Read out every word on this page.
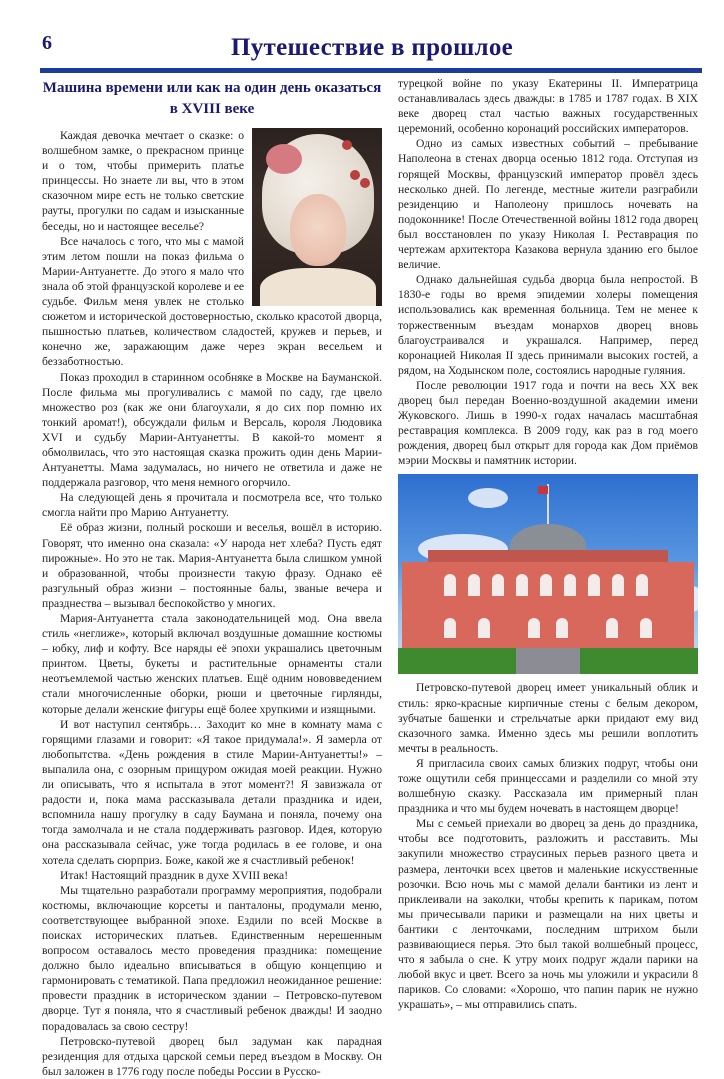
6	Путешествие в прошлое
Машина времени или как на один день оказаться в XVIII веке

Каждая девочка мечтает о сказке: о волшебном замке, о прекрасном принце и о том, чтобы примерить платье принцессы. Но знаете ли вы, что в этом сказочном мире есть не только светские рауты, прогулки по садам и изысканные беседы, но и настоящее веселье?

Все началось с того, что мы с мамой этим летом пошли на показ фильма о Марии-Антуанетте. До этого я мало что знала об этой французской королеве и ее судьбе. Фильм меня увлек не столько сюжетом и исторической достоверностью, сколько красотой дворца, пышностью платьев, количеством сладостей, кружев и перьев, и конечно же, заражающим даже через экран весельем и беззаботностью.

Показ проходил в старинном особняке в Москве на Бауманской. После фильма мы прогуливались с мамой по саду, где цвело множество роз (как же они благоухали, я до сих пор помню их тонкий аромат!), обсуждали фильм и Версаль, короля Людовика XVI и судьбу Марии-Антуанетты. В какой-то момент я обмолвилась, что это настоящая сказка прожить один день Марии-Антуанетты. Мама задумалась, но ничего не ответила и даже не поддержала разговор, что меня немного огорчило.

На следующей день я прочитала и посмотрела все, что только смогла найти про Марию Антуанетту.

Её образ жизни, полный роскоши и веселья, вошёл в историю. Говорят, что именно она сказала: «У народа нет хлеба? Пусть едят пирожные». Но это не так. Мария-Антуанетта была слишком умной и образованной, чтобы произнести такую фразу. Однако её разгульный образ жизни – постоянные балы, званые вечера и празднества – вызывал беспокойство у многих.

Мария-Антуанетта стала законодательницей мод. Она ввела стиль «неглиже», который включал воздушные домашние костюмы – юбку, лиф и кофту. Все наряды её эпохи украшались цветочным принтом. Цветы, букеты и растительные орнаменты стали неотъемлемой частью женских платьев. Ещё одним нововведением стали многочисленные оборки, рюши и цветочные гирлянды, которые делали женские фигуры ещё более хрупкими и изящными.

И вот наступил сентябрь… Заходит ко мне в комнату мама с горящими глазами и говорит: «Я такое придумала!». Я замерла от любопытства. «День рождения в стиле Марии-Антуанетты!» – выпалила она, с озорным прищуром ожидая моей реакции. Нужно ли описывать, что я испытала в этот момент?! Я завизжала от радости и, пока мама рассказывала детали праздника и идеи, вспомнила нашу прогулку в саду Баумана и поняла, почему она тогда замолчала и не стала поддерживать разговор. Идея, которую она рассказывала сейчас, уже тогда родилась в ее голове, и она хотела сделать сюрприз. Боже, какой же я счастливый ребенок!

Итак! Настоящий праздник в духе XVIII века!

Мы тщательно разработали программу мероприятия, подобрали костюмы, включающие корсеты и панталоны, продумали меню, соответствующее выбранной эпохе. Ездили по всей Москве в поисках исторических платьев. Единственным нерешенным вопросом оставалось место проведения праздника: помещение должно было идеально вписываться в общую концепцию и гармонировать с тематикой. Папа предложил неожиданное решение: провести праздник в историческом здании – Петровско-путевом дворце. Тут я поняла, что я счастливый ребенок дважды! И заодно порадовалась за свою сестру!

Петровско-путевой дворец был задуман как парадная резиденция для отдыха царской семьи перед въездом в Москву. Он был заложен в 1776 году после победы России в Русско-

турецкой войне по указу Екатерины II. Императрица останавливалась здесь дважды: в 1785 и 1787 годах. В XIX веке дворец стал частью важных государственных церемоний, особенно коронаций российских императоров.

Одно из самых известных событий – пребывание Наполеона в стенах дворца осенью 1812 года. Отступая из горящей Москвы, французский император провёл здесь несколько дней. По легенде, местные жители разграбили резиденцию и Наполеону пришлось ночевать на подоконнике! После Отечественной войны 1812 года дворец был восстановлен по указу Николая I. Реставрация по чертежам архитектора Казакова вернула зданию его былое величие.

Однако дальнейшая судьба дворца была непростой. В 1830-е годы во время эпидемии холеры помещения использовались как временная больница. Тем не менее к торжественным въездам монархов дворец вновь благоустраивался и украшался. Например, перед коронацией Николая II здесь принимали высоких гостей, а рядом, на Ходынском поле, состоялись народные гуляния.

После революции 1917 года и почти на весь XX век дворец был передан Военно-воздушной академии имени Жуковского. Лишь в 1990-х годах началась масштабная реставрация комплекса. В 2009 году, как раз в год моего рождения, дворец был открыт для города как Дом приёмов мэрии Москвы и памятник истории.

Петровско-путевой дворец имеет уникальный облик и стиль: ярко-красные кирпичные стены с белым декором, зубчатые башенки и стрельчатые арки придают ему вид сказочного замка. Именно здесь мы решили воплотить мечты в реальность.

Я пригласила своих самых близких подруг, чтобы они тоже ощутили себя принцессами и разделили со мной эту волшебную сказку. Рассказала им примерный план праздника и что мы будем ночевать в настоящем дворце!

Мы с семьей приехали во дворец за день до праздника, чтобы все подготовить, разложить и расставить. Мы закупили множество страусиных перьев разного цвета и размера, ленточки всех цветов и маленькие искусственные розочки. Всю ночь мы с мамой делали бантики из лент и приклеивали на заколки, чтобы крепить к парикам, потом мы причесывали парики и размещали на них цветы и бантики с ленточками, последним штрихом были развивающиеся перья. Это был такой волшебный процесс, что я забыла о сне. К утру моих подруг ждали парики на любой вкус и цвет. Всего за ночь мы уложили и украсили 8 париков. Со словами: «Хорошо, что папин парик не нужно украшать», – мы отправились спать.
